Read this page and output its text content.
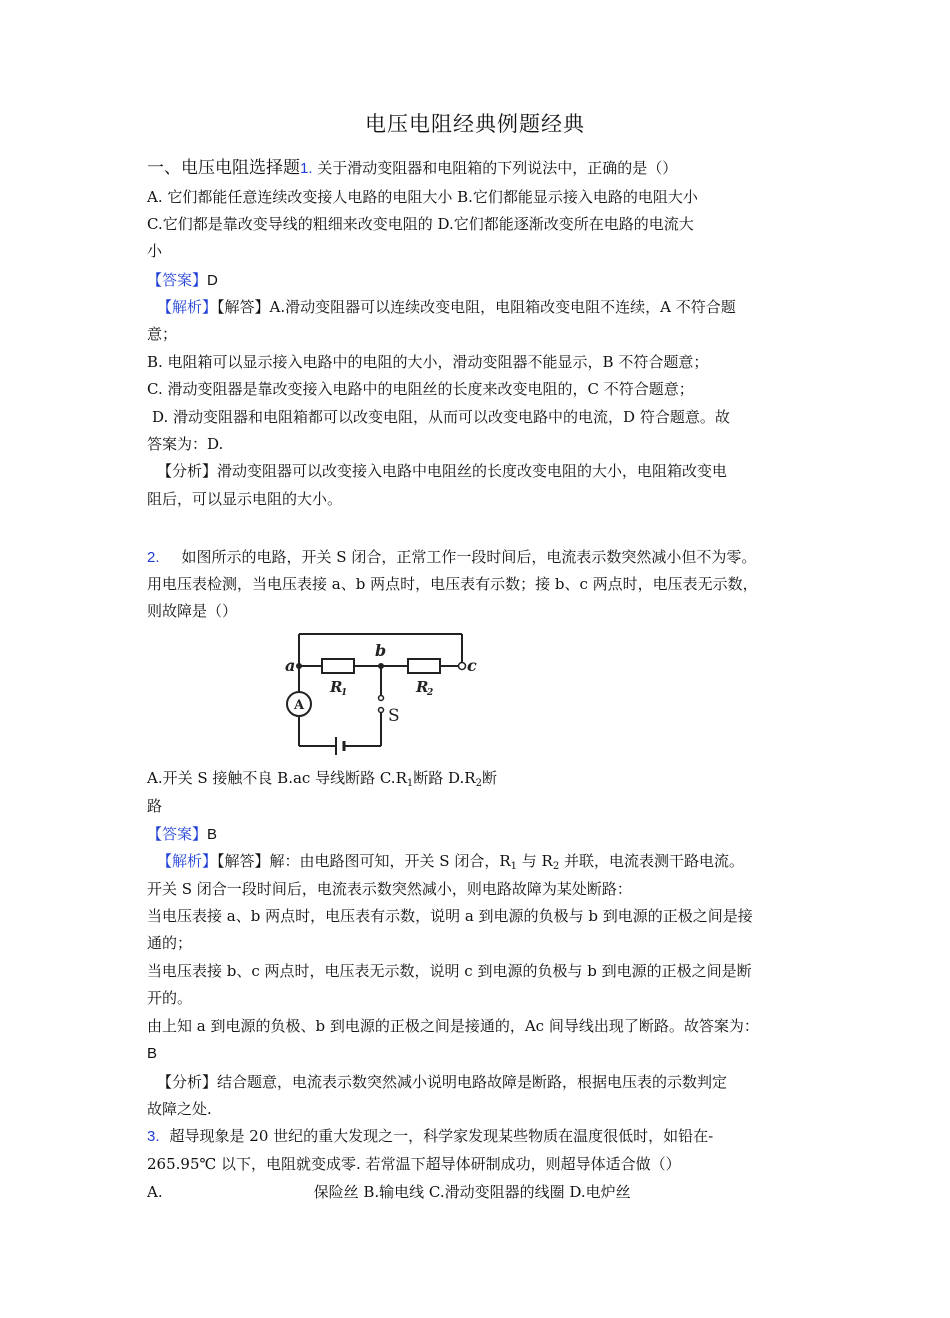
电压电阻经典例题经典
一、电压电阻选择题1. 关于滑动变阻器和电阻箱的下列说法中，正确的是（）
A. 它们都能任意连续改变接人电路的电阻大小 B.它们都能显示接入电路的电阻大小
C.它们都是靠改变导线的粗细来改变电阻的 D.它们都能逐渐改变所在电路的电流大
小
【答案】D
【解析】【解答】A.滑动变阻器可以连续改变电阻，电阻箱改变电阻不连续，A 不符合题
意；
B. 电阻箱可以显示接入电路中的电阻的大小，滑动变阻器不能显示，B 不符合题意；
C. 滑动变阻器是靠改变接入电路中的电阻丝的长度来改变电阻的，C 不符合题意；
D. 滑动变阻器和电阻箱都可以改变电阻，从而可以改变电路中的电流，D 符合题意。故
答案为：D.
【分析】滑动变阻器可以改变接入电路中电阻丝的长度改变电阻的大小，电阻箱改变电
阻后，可以显示电阻的大小。
2. 如图所示的电路，开关 S 闭合，正常工作一段时间后，电流表示数突然减小但不为零。
用电压表检测，当电压表接 a、b 两点时，电压表有示数；接 b、c 两点时，电压表无示数，
则故障是（）
a
b
c
R
1	R
2
S
A
A.开关 S 接触不良 B.ac 导线断路 $C.R_1$断路 $D.R_2$断
路
【答案】B
【解析】【解答】解：由电路图可知，开关 S 闭合，$R_1$ 与 $R_2$ 并联，电流表测干路电流。
开关 S 闭合一段时间后，电流表示数突然减小，则电路故障为某处断路：
当电压表接 a、b 两点时，电压表有示数，说明 a 到电源的负极与 b 到电源的正极之间是接
通的；
当电压表接 b、c 两点时，电压表无示数，说明 c 到电源的负极与 b 到电源的正极之间是断
开的。
由上知 a 到电源的负极、b 到电源的正极之间是接通的，Ac 间导线出现了断路。故答案为：
B
【分析】结合题意，电流表示数突然减小说明电路故障是断路，根据电压表的示数判定
故障之处.
3. 超导现象是 20 世纪的重大发现之一，科学家发现某些物质在温度很低时，如铅在-
265.95℃ 以下，电阻就变成零. 若常温下超导体研制成功，则超导体适合做（）
A.	保险丝 B.输电线 C.滑动变阻器的线圈 D.电炉丝
